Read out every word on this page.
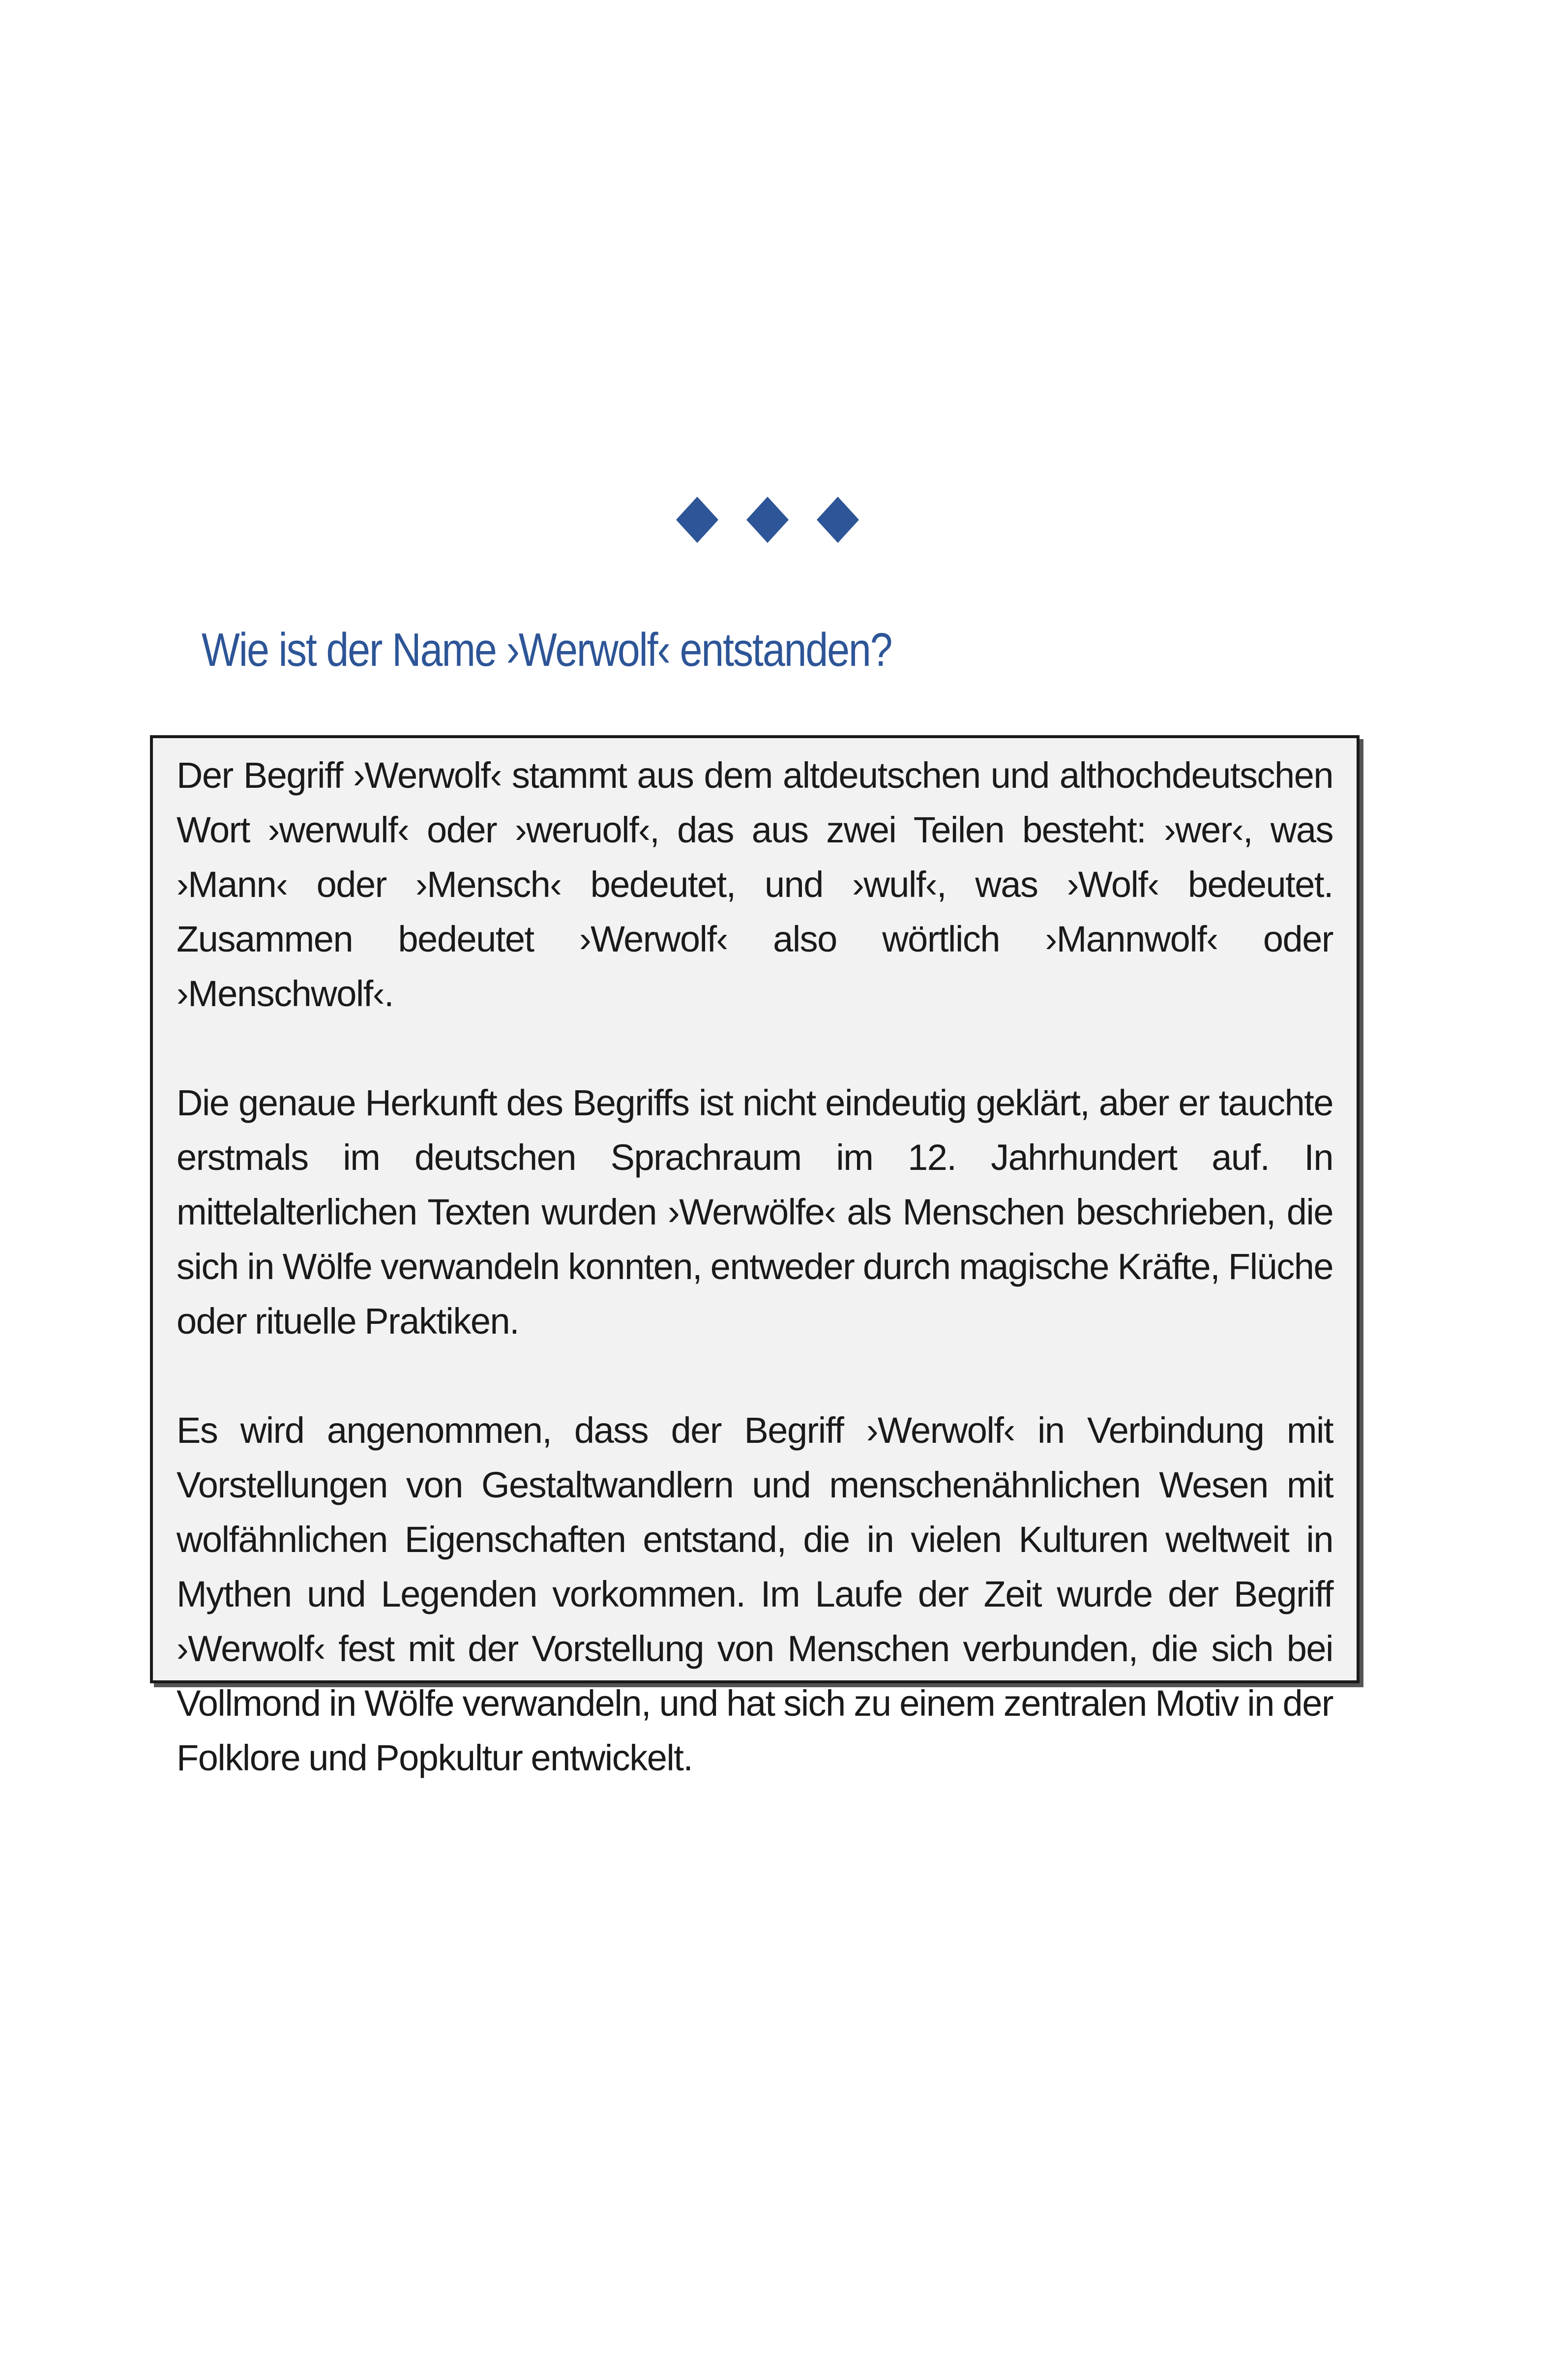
Wie ist der Name ›Werwolf‹ entstanden?

Der Begriff ›Werwolf‹ stammt aus dem altdeutschen und althochdeutschen Wort ›werwulf‹ oder ›weruolf‹, das aus zwei Teilen besteht: ›wer‹, was ›Mann‹ oder ›Mensch‹ bedeutet, und ›wulf‹, was ›Wolf‹ bedeutet. Zusammen bedeutet ›Werwolf‹ also wörtlich ›Mannwolf‹ oder ›Menschwolf‹.

Die genaue Herkunft des Begriffs ist nicht eindeutig geklärt, aber er tauchte erstmals im deutschen Sprachraum im 12. Jahrhundert auf. In mittelalterlichen Texten wurden ›Werwölfe‹ als Menschen beschrieben, die sich in Wölfe verwandeln konnten, entweder durch magische Kräfte, Flüche oder rituelle Praktiken.

Es wird angenommen, dass der Begriff ›Werwolf‹ in Verbindung mit Vorstellungen von Gestaltwandlern und menschenähnlichen Wesen mit wolfähnlichen Eigenschaften entstand, die in vielen Kulturen weltweit in Mythen und Legenden vorkommen. Im Laufe der Zeit wurde der Begriff ›Werwolf‹ fest mit der Vorstellung von Menschen verbunden, die sich bei Vollmond in Wölfe verwandeln, und hat sich zu einem zentralen Motiv in der Folklore und Popkultur entwickelt.
